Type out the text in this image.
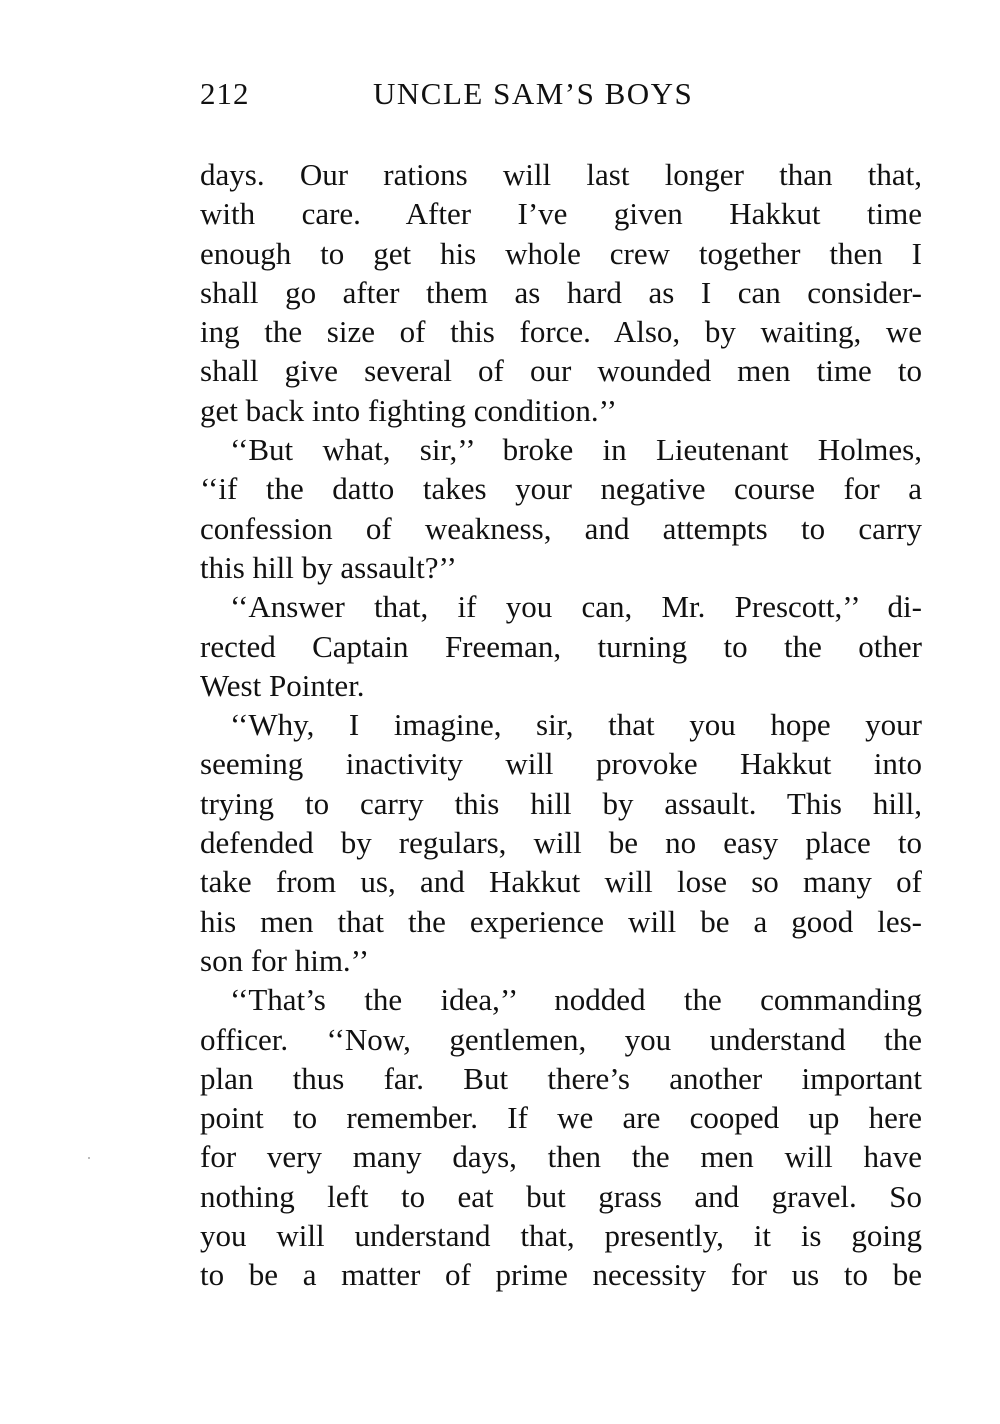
212	UNCLE SAM’S BOYS
days. Our rations will last longer than that,
with care. After I’ve given Hakkut time
enough to get his whole crew together then I
shall go after them as hard as I can consider-
ing the size of this force. Also, by waiting, we
shall give several of our wounded men time to
get back into fighting condition.’’
‘‘But what, sir,’’ broke in Lieutenant Holmes,
‘‘if the datto takes your negative course for a
confession of weakness, and attempts to carry
this hill by assault?’’
‘‘Answer that, if you can, Mr. Prescott,’’ di-
rected Captain Freeman, turning to the other
West Pointer.
‘‘Why, I imagine, sir, that you hope your
seeming inactivity will provoke Hakkut into
trying to carry this hill by assault. This hill,
defended by regulars, will be no easy place to
take from us, and Hakkut will lose so many of
his men that the experience will be a good les-
son for him.’’
‘‘That’s the idea,’’ nodded the commanding
officer. ‘‘Now, gentlemen, you understand the
plan thus far. But there’s another important
point to remember. If we are cooped up here
for very many days, then the men will have
nothing left to eat but grass and gravel. So
you will understand that, presently, it is going
to be a matter of prime necessity for us to be
